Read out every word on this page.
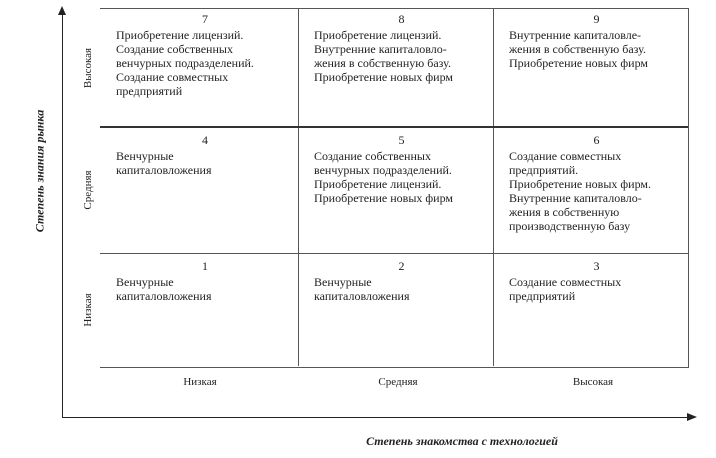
Степень знания рынка
Степень знакомства с технологией
Высокая
Средняя
Низкая
Низкая	Средняя	Высокая
7
Приобретение лицензий.
Создание собственных
венчурных подразделений.
Создание совместных
предприятий
8
Приобретение лицензий.
Внутренние капиталовло-
жения в собственную базу.
Приобретение новых фирм
9
Внутренние капиталовле-
жения в собственную базу.
Приобретение новых фирм
4
Венчурные
капиталовложения
5
Создание собственных
венчурных подразделений.
Приобретение лицензий.
Приобретение новых фирм
6
Создание совместных
предприятий.
Приобретение новых фирм.
Внутренние капиталовло-
жения в собственную
производственную базу
1
Венчурные
капиталовложения
2
Венчурные
капиталовложения
3
Создание совместных
предприятий
